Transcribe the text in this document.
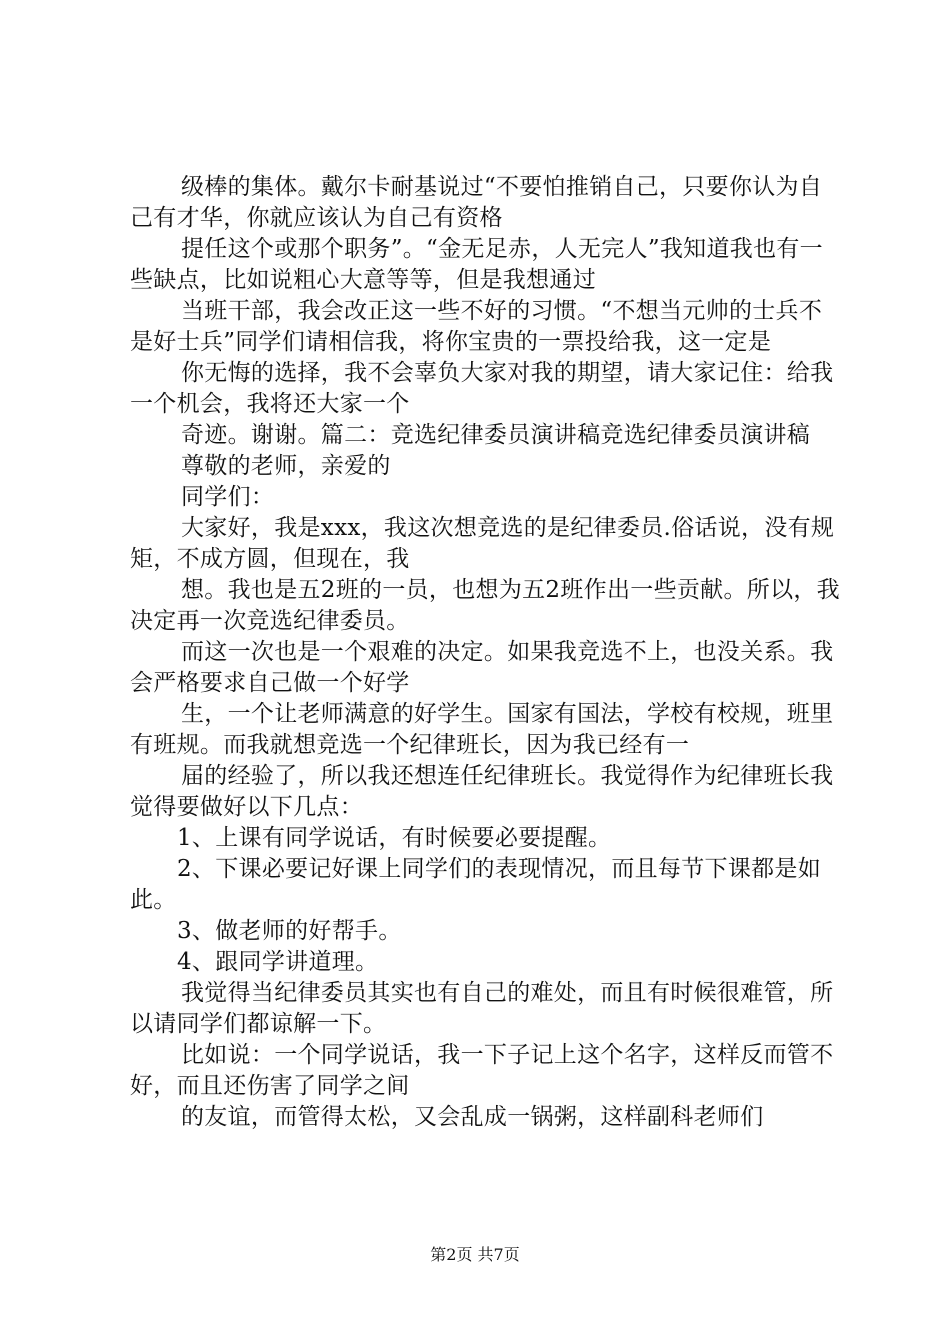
级棒的集体。戴尔卡耐基说过“不要怕推销自己，只要你认为自己有才华，你就应该认为自己有资格

提任这个或那个职务”。“金无足赤，人无完人”我知道我也有一些缺点，比如说粗心大意等等，但是我想通过

当班干部，我会改正这一些不好的习惯。“不想当元帅的士兵不是好士兵”同学们请相信我，将你宝贵的一票投给我，这一定是

你无悔的选择，我不会辜负大家对我的期望，请大家记住：给我一个机会，我将还大家一个

奇迹。谢谢。篇二：竞选纪律委员演讲稿竞选纪律委员演讲稿

尊敬的老师，亲爱的

同学们：

大家好，我是xxx，我这次想竞选的是纪律委员.俗话说，没有规矩，不成方圆，但现在，我

想。我也是五2班的一员，也想为五2班作出一些贡献。所以，我决定再一次竞选纪律委员。

而这一次也是一个艰难的决定。如果我竞选不上，也没关系。我会严格要求自己做一个好学

生，一个让老师满意的好学生。国家有国法，学校有校规，班里有班规。而我就想竞选一个纪律班长，因为我已经有一

届的经验了，所以我还想连任纪律班长。我觉得作为纪律班长我觉得要做好以下几点：

1、上课有同学说话，有时候要必要提醒。

2、下课必要记好课上同学们的表现情况，而且每节下课都是如此。

3、做老师的好帮手。

4、跟同学讲道理。

我觉得当纪律委员其实也有自己的难处，而且有时候很难管，所以请同学们都谅解一下。

比如说：一个同学说话，我一下子记上这个名字，这样反而管不好，而且还伤害了同学之间

的友谊，而管得太松，又会乱成一锅粥，这样副科老师们

第2页 共7页
